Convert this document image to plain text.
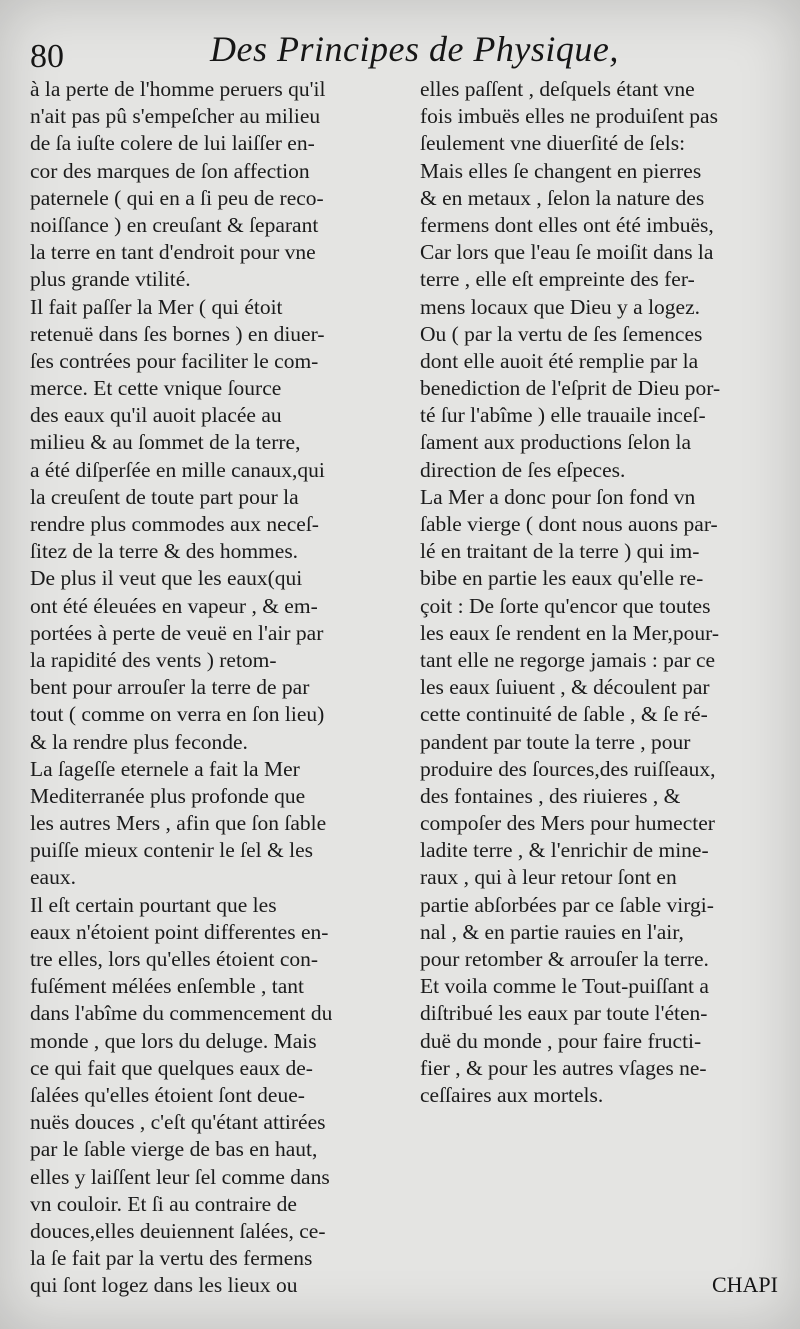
80	Des Principes de Physique,
à la perte de l'homme peruers qu'il
n'ait pas pû s'empeſcher au milieu
de ſa iuſte colere de lui laiſſer en-
cor des marques de ſon affection
paternele ( qui en a ſi peu de reco-
noiſſance ) en creuſant & ſeparant
la terre en tant d'endroit pour vne
plus grande vtilité.
Il fait paſſer la Mer ( qui étoit
retenuë dans ſes bornes ) en diuer-
ſes contrées pour faciliter le com-
merce. Et cette vnique ſource
des eaux qu'il auoit placée au
milieu & au ſommet de la terre,
a été diſperſée en mille canaux,qui
la creuſent de toute part pour la
rendre plus commodes aux neceſ-
ſitez de la terre & des hommes.
De plus il veut que les eaux(qui
ont été éleuées en vapeur , & em-
portées à perte de veuë en l'air par
la rapidité des vents ) retom-
bent pour arrouſer la terre de par
tout ( comme on verra en ſon lieu)
& la rendre plus feconde.
La ſageſſe eternele a fait la Mer
Mediterranée plus profonde que
les autres Mers , afin que ſon ſable
puiſſe mieux contenir le ſel & les
eaux.
Il eſt certain pourtant que les
eaux n'étoient point differentes en-
tre elles, lors qu'elles étoient con-
fuſément mélées enſemble , tant
dans l'abîme du commencement du
monde , que lors du deluge. Mais
ce qui fait que quelques eaux de-
ſalées qu'elles étoient ſont deue-
nuës douces , c'eſt qu'étant attirées
par le ſable vierge de bas en haut,
elles y laiſſent leur ſel comme dans
vn couloir. Et ſi au contraire de
douces,elles deuiennent ſalées, ce-
la ſe fait par la vertu des fermens
qui ſont logez dans les lieux ou
elles paſſent , deſquels étant vne
fois imbuës elles ne produiſent pas
ſeulement vne diuerſité de ſels:
Mais elles ſe changent en pierres
& en metaux , ſelon la nature des
fermens dont elles ont été imbuës,
Car lors que l'eau ſe moiſit dans la
terre , elle eſt empreinte des fer-
mens locaux que Dieu y a logez.
Ou ( par la vertu de ſes ſemences
dont elle auoit été remplie par la
benediction de l'eſprit de Dieu por-
té ſur l'abîme ) elle trauaile inceſ-
ſament aux productions ſelon la
direction de ſes eſpeces.
La Mer a donc pour ſon fond vn
ſable vierge ( dont nous auons par-
lé en traitant de la terre ) qui im-
bibe en partie les eaux qu'elle re-
çoit : De ſorte qu'encor que toutes
les eaux ſe rendent en la Mer,pour-
tant elle ne regorge jamais : par ce
les eaux ſuiuent , & découlent par
cette continuité de ſable , & ſe ré-
pandent par toute la terre , pour
produire des ſources,des ruiſſeaux,
des fontaines , des riuieres , &
compoſer des Mers pour humecter
ladite terre , & l'enrichir de mine-
raux , qui à leur retour ſont en
partie abſorbées par ce ſable virgi-
nal , & en partie rauies en l'air,
pour retomber & arrouſer la terre.
Et voila comme le Tout-puiſſant a
diſtribué les eaux par toute l'éten-
duë du monde , pour faire fructi-
fier , & pour les autres vſages ne-
ceſſaires aux mortels.
CHAPI
